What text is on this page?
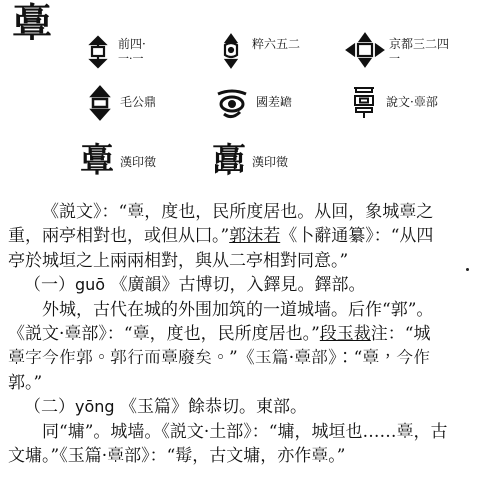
𩫏	前四·
一·一
粹六五二	京都三二四
一
毛公鼎	國差𦉜	說文·𩫏部
𩫏 漢印徵 𩫖 漢印徵
《説文》：“𩫏，度也，民所度居也。从回，象城𩫏之
重，兩亭相對也，或但从囗。”郭沫若《卜辭通纂》：“从四
亭於城垣之上兩兩相對，與从二亭相對同意。”
（一）guō 《廣韻》古博切，入鐸見。鐸部。
外城，古代在城的外围加筑的一道城墙。后作“郭”。
《説文·𩫏部》：“𩫏，度也，民所度居也。”段玉裁注：“城
𩫏字今作郭。郭行而𩫏廢矣。”《玉篇·𩫏部》：“𩫏，今作
郭。”
（二）yōng 《玉篇》餘恭切。東部。
同“墉”。城墙。《説文·土部》：“墉，城垣也……𩫏，古
文墉。”《玉篇·𩫏部》：“𩬍，古文墉，亦作𩫏。”
